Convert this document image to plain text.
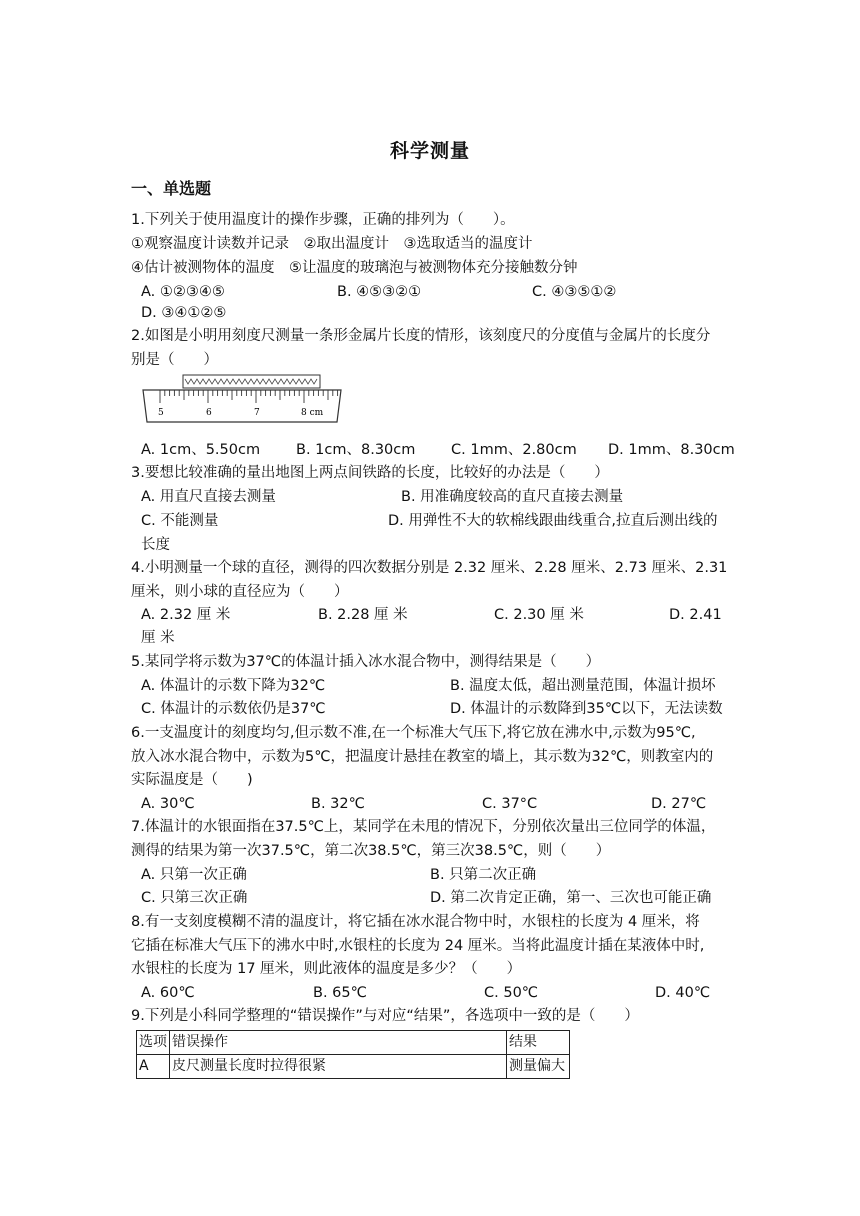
科学测量
一、单选题
1.下列关于使用温度计的操作步骤，正确的排列为（　　）。
①观察温度计读数并记录　②取出温度计　③选取适当的温度计
④估计被测物体的温度　⑤让温度的玻璃泡与被测物体充分接触数分钟
A. ①②③④⑤	B. ④⑤③②①	C. ④③⑤①②
D. ③④①②⑤
2.如图是小明用刻度尺测量一条形金属片长度的情形，该刻度尺的分度值与金属片的长度分
别是（　　）
5	6	7	8 cm
A. 1cm、5.50cm B. 1cm、8.30cm C. 1mm、2.80cm D. 1mm、8.30cm
3.要想比较准确的量出地图上两点间铁路的长度，比较好的办法是（　　）
A. 用直尺直接去测量	B. 用准确度较高的直尺直接去测量
C. 不能测量	D. 用弹性不大的软棉线跟曲线重合,拉直后测出线的
长度
4.小明测量一个球的直径，测得的四次数据分别是 2.32 厘米、2.28 厘米、2.73 厘米、2.31
厘米，则小球的直径应为（　　）
A. 2.32 厘 米	B. 2.28 厘 米	C. 2.30 厘 米	D. 2.41
厘 米
5.某同学将示数为37℃的体温计插入冰水混合物中，测得结果是（　　）
A. 体温计的示数下降为32℃	B. 温度太低，超出测量范围，体温计损坏
C. 体温计的示数依仍是37℃	D. 体温计的示数降到35℃以下，无法读数
6.一支温度计的刻度均匀,但示数不准,在一个标准大气压下,将它放在沸水中,示数为95℃,
放入冰水混合物中，示数为5℃，把温度计悬挂在教室的墙上，其示数为32℃，则教室内的
实际温度是（　　)
A. 30℃	B. 32℃	C. 37°C	D. 27℃
7.体温计的水银面指在37.5℃上，某同学在未甩的情况下，分别依次量出三位同学的体温，
测得的结果为第一次37.5℃，第二次38.5℃，第三次38.5℃，则（　　）
A. 只第一次正确	B. 只第二次正确
C. 只第三次正确	D. 第二次肯定正确，第一、三次也可能正确
8.有一支刻度模糊不清的温度计，将它插在冰水混合物中时，水银柱的长度为 4 厘米，将
它插在标准大气压下的沸水中时,水银柱的长度为 24 厘米。当将此温度计插在某液体中时,
水银柱的长度为 17 厘米，则此液体的温度是多少？（　　）
A. 60℃	B. 65℃	C. 50℃	D. 40℃
9.下列是小科同学整理的“错误操作”与对应“结果”，各选项中一致的是（　　）
选项	错误操作	结果
A	皮尺测量长度时拉得很紧	测量偏大
